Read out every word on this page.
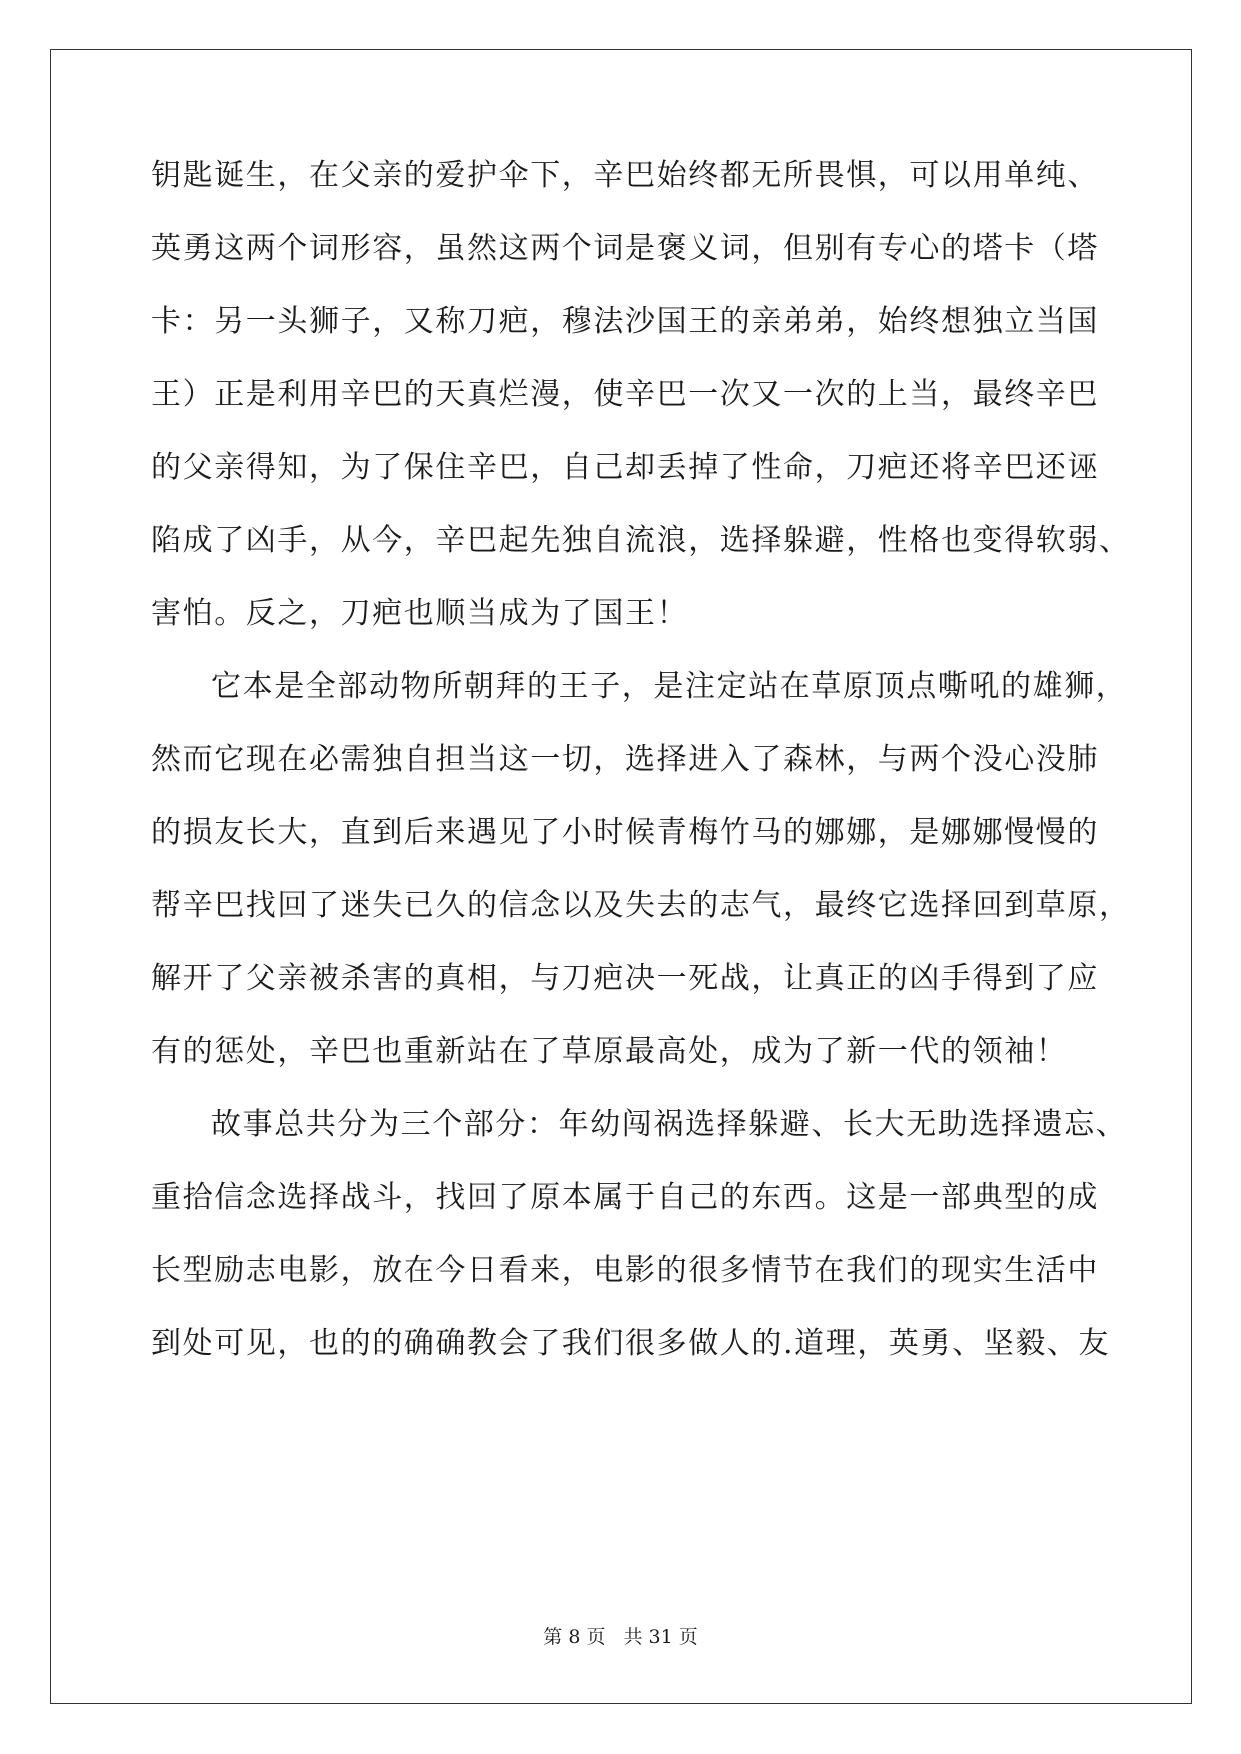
钥匙诞生，在父亲的爱护伞下，辛巴始终都无所畏惧，可以用单纯、
英勇这两个词形容，虽然这两个词是褒义词，但别有专心的塔卡（塔
卡：另一头狮子，又称刀疤，穆法沙国王的亲弟弟，始终想独立当国
王）正是利用辛巴的天真烂漫，使辛巴一次又一次的上当，最终辛巴
的父亲得知，为了保住辛巴，自己却丢掉了性命，刀疤还将辛巴还诬
陷成了凶手，从今，辛巴起先独自流浪，选择躲避，性格也变得软弱、
害怕。反之，刀疤也顺当成为了国王！
它本是全部动物所朝拜的王子，是注定站在草原顶点嘶吼的雄狮，
然而它现在必需独自担当这一切，选择进入了森林，与两个没心没肺
的损友长大，直到后来遇见了小时候青梅竹马的娜娜，是娜娜慢慢的
帮辛巴找回了迷失已久的信念以及失去的志气，最终它选择回到草原，
解开了父亲被杀害的真相，与刀疤决一死战，让真正的凶手得到了应
有的惩处，辛巴也重新站在了草原最高处，成为了新一代的领袖！
故事总共分为三个部分：年幼闯祸选择躲避、长大无助选择遗忘、
重拾信念选择战斗，找回了原本属于自己的东西。这是一部典型的成
长型励志电影，放在今日看来，电影的很多情节在我们的现实生活中
到处可见，也的的确确教会了我们很多做人的.道理，英勇、坚毅、友
第 8 页 共 31 页
